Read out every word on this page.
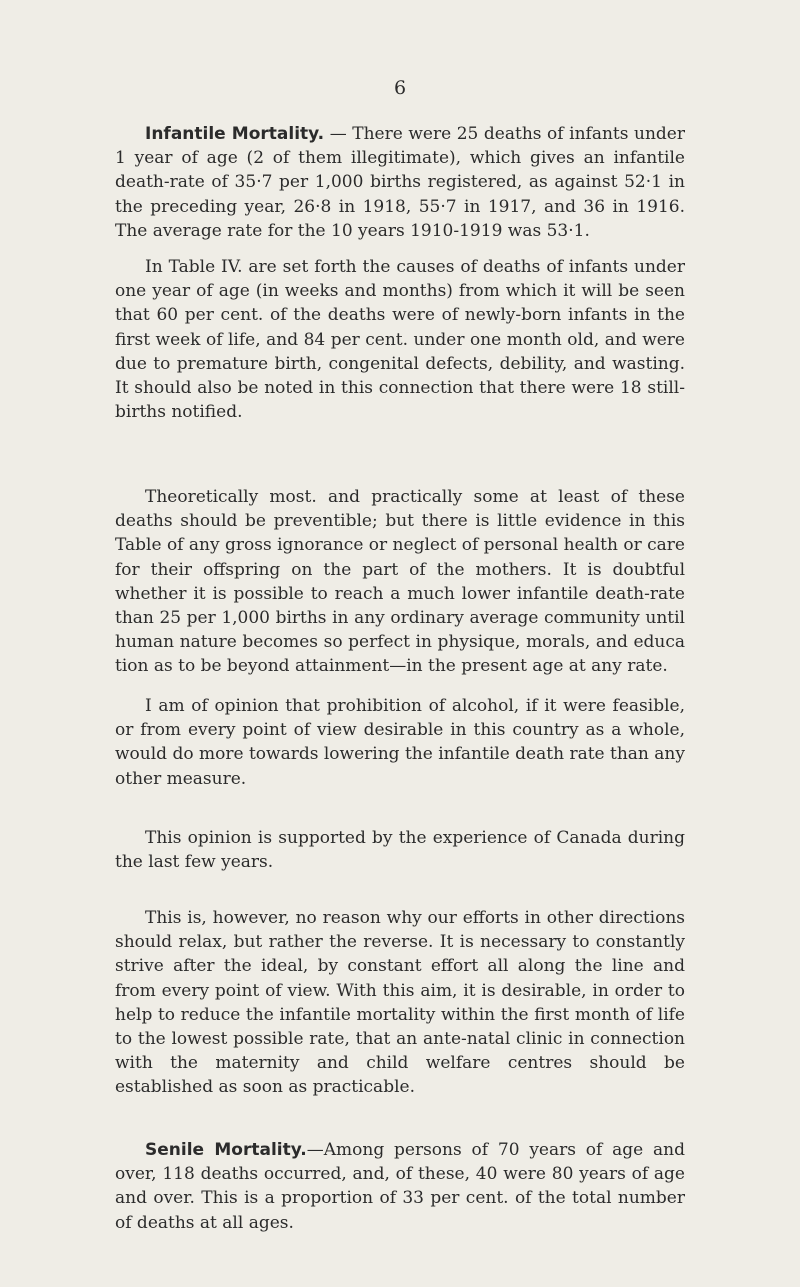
6

Infantile Mortality. — There were 25 deaths of infants under 1 year of age (2 of them illegitimate), which gives an infantile death-rate of 35·7 per 1,000 births registered, as against 52·1 in the preceding year, 26·8 in 1918, 55·7 in 1917, and 36 in 1916. The average rate for the 10 years 1910-1919 was 53·1.

In Table IV. are set forth the causes of deaths of infants under one year of age (in weeks and months) from which it will be seen that 60 per cent. of the deaths were of newly-born infants in the first week of life, and 84 per cent. under one month old, and were due to premature birth, congenital defects, debility, and wasting. It should also be noted in this connection that there were 18 still-births notified.

Theoretically most. and practically some at least of these deaths should be preventible; but there is little evidence in this Table of any gross ignorance or neglect of personal health or care for their offspring on the part of the mothers. It is doubtful whether it is possible to reach a much lower infantile death-rate than 25 per 1,000 births in any ordinary average community until human nature becomes so perfect in physique, morals, and educa tion as to be beyond attainment—in the present age at any rate.

I am of opinion that prohibition of alcohol, if it were feasible, or from every point of view desirable in this country as a whole, would do more towards lowering the infantile death rate than any other measure.

This opinion is supported by the experience of Canada during the last few years.

This is, however, no reason why our efforts in other directions should relax, but rather the reverse. It is necessary to constantly strive after the ideal, by constant effort all along the line and from every point of view. With this aim, it is desirable, in order to help to reduce the infantile mortality within the first month of life to the lowest possible rate, that an ante-natal clinic in connection with the maternity and child welfare centres should be established as soon as practicable.

Senile Mortality.—Among persons of 70 years of age and over, 118 deaths occurred, and, of these, 40 were 80 years of age and over. This is a proportion of 33 per cent. of the total number of deaths at all ages.
